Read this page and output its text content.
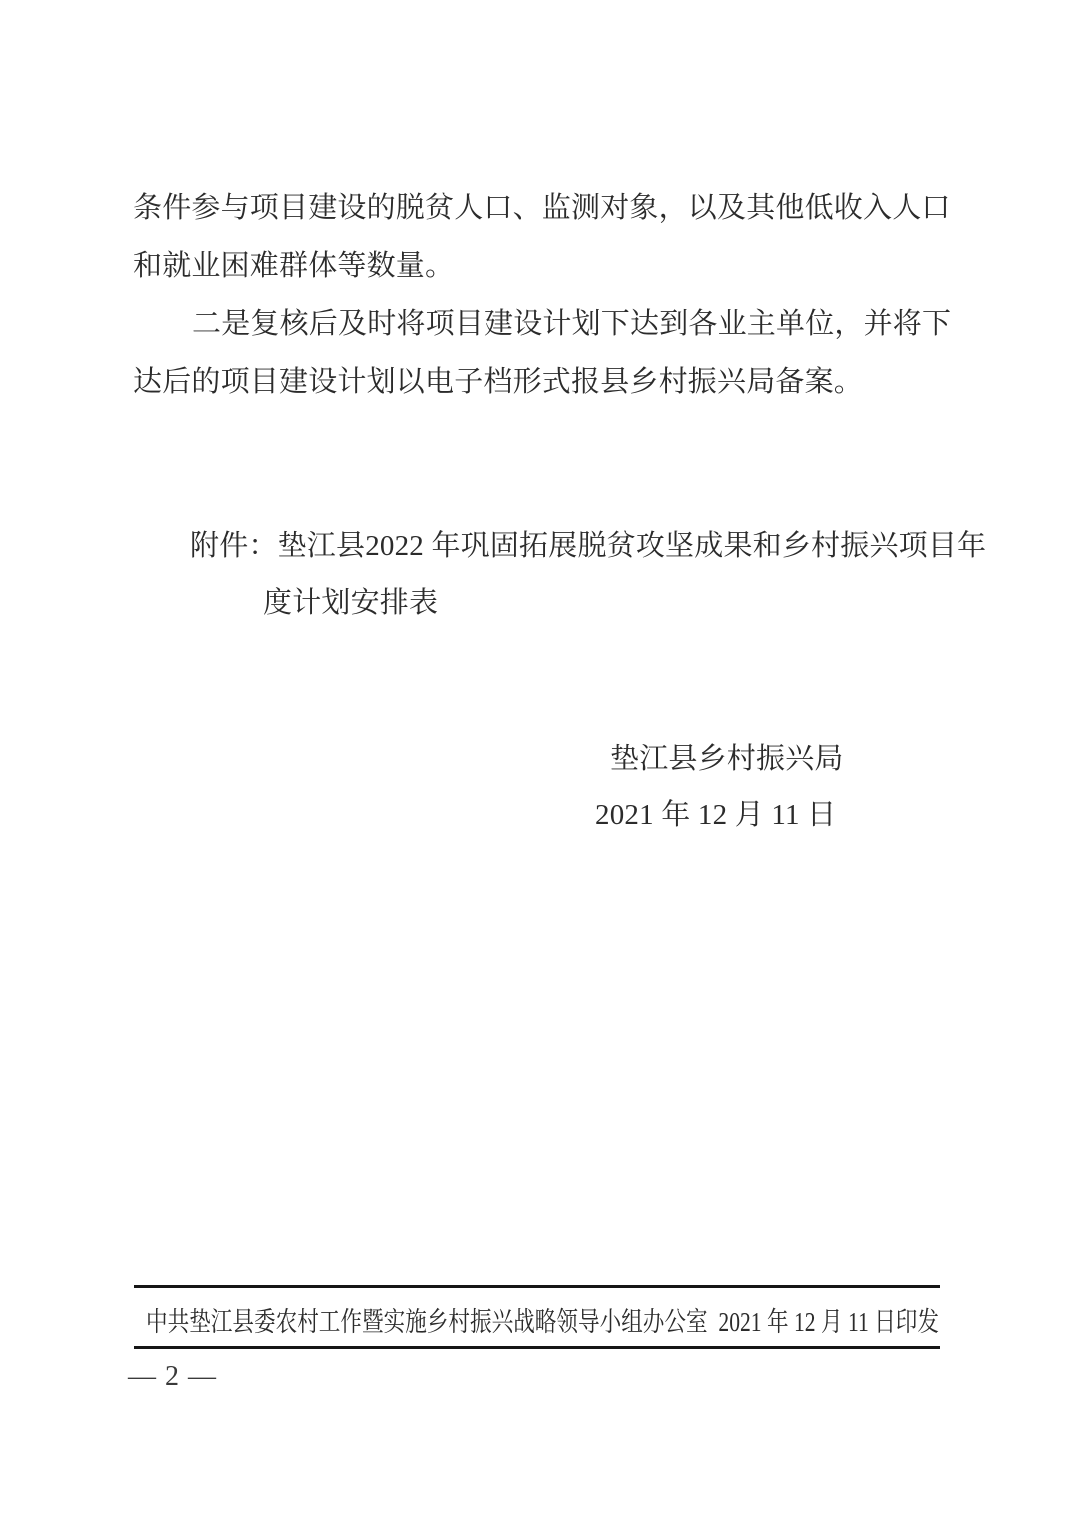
条件参与项目建设的脱贫人口、监测对象，以及其他低收入人口
和就业困难群体等数量。
二是复核后及时将项目建设计划下达到各业主单位，并将下
达后的项目建设计划以电子档形式报县乡村振兴局备案。
附件：垫江县2022 年巩固拓展脱贫攻坚成果和乡村振兴项目年
度计划安排表
垫江县乡村振兴局
2021 年 12 月 11 日
中共垫江县委农村工作暨实施乡村振兴战略领导小组办公室  2021 年 12 月 11 日印发
— 2 —
